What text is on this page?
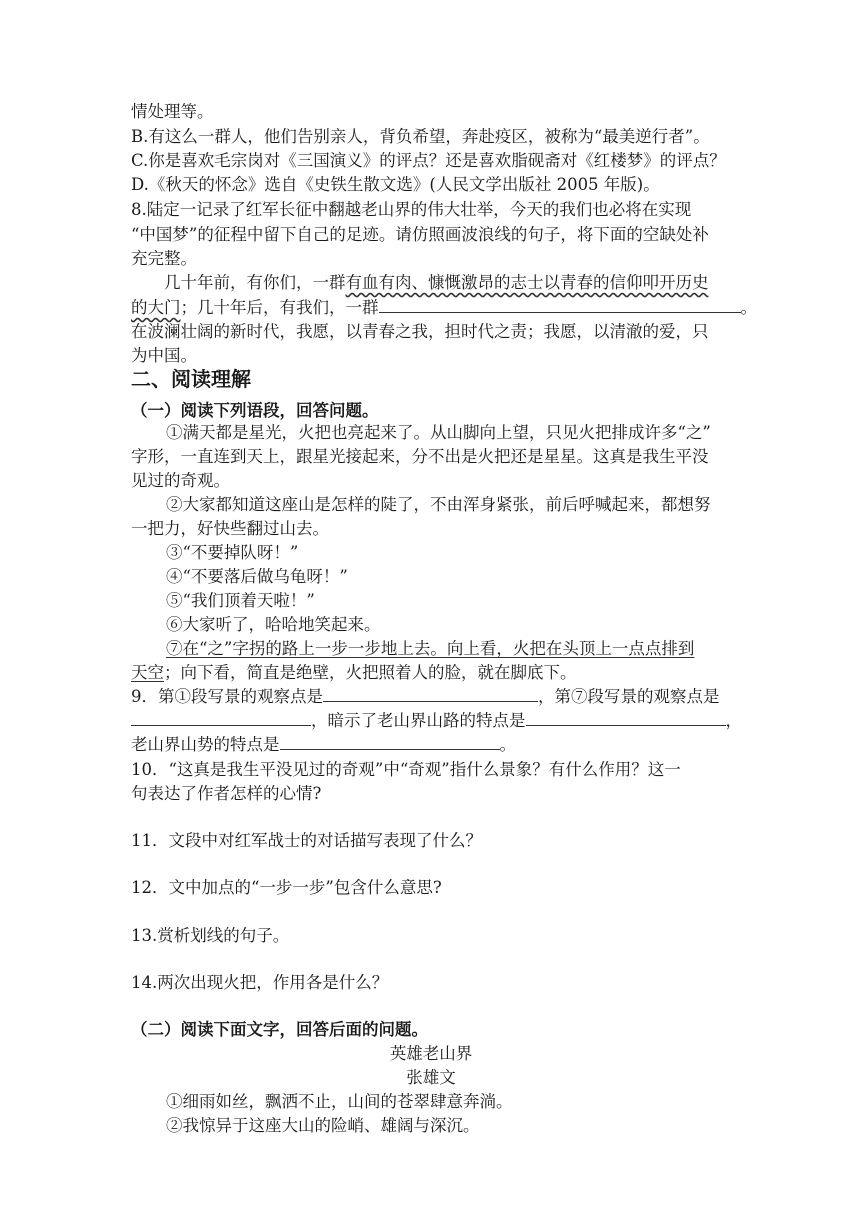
情处理等。
B.有这么一群人，他们告别亲人，背负希望，奔赴疫区，被称为“最美逆行者”。
C.你是喜欢毛宗岗对《三国演义》的评点？还是喜欢脂砚斋对《红楼梦》的评点？
D.《秋天的怀念》选自《史铁生散文选》(人民文学出版社 2005 年版)。
8.陆定一记录了红军长征中翻越老山界的伟大壮举，今天的我们也必将在实现
“中国梦”的征程中留下自己的足迹。请仿照画波浪线的句子，将下面的空缺处补
充完整。
几十年前，有你们，一群有血有肉、慷慨激昂的志士以青春的信仰叩开历史
的大门；几十年后，有我们，一群	。
在波澜壮阔的新时代，我愿，以青春之我，担时代之责；我愿，以清澈的爱，只
为中国。
二、阅读理解
（一）阅读下列语段，回答问题。
①满天都是星光，火把也亮起来了。从山脚向上望，只见火把排成许多“之”
字形，一直连到天上，跟星光接起来，分不出是火把还是星星。这真是我生平没
见过的奇观。
②大家都知道这座山是怎样的陡了，不由浑身紧张，前后呼喊起来，都想努
一把力，好快些翻过山去。
③“不要掉队呀！”
④“不要落后做乌龟呀！”
⑤“我们顶着天啦！”
⑥大家听了，哈哈地笑起来。
⑦在“之”字拐的路上一步一步地上去。向上看，火把在头顶上一点点排到
天空；向下看，简直是绝壁，火把照着人的脸，就在脚底下。
9．第①段写景的观察点是	，第⑦段写景的观察点是
，暗示了老山界山路的特点是	，
老山界山势的特点是	。
10．“这真是我生平没见过的奇观”中“奇观”指什么景象？有什么作用？这一
句表达了作者怎样的心情?
11．文段中对红军战士的对话描写表现了什么？
12．文中加点的“一步一步”包含什么意思?
13.赏析划线的句子。
14.两次出现火把，作用各是什么？
（二）阅读下面文字，回答后面的问题。
英雄老山界
张雄文
①细雨如丝，飘洒不止，山间的苍翠肆意奔淌。
②我惊异于这座大山的险峭、雄阔与深沉。
